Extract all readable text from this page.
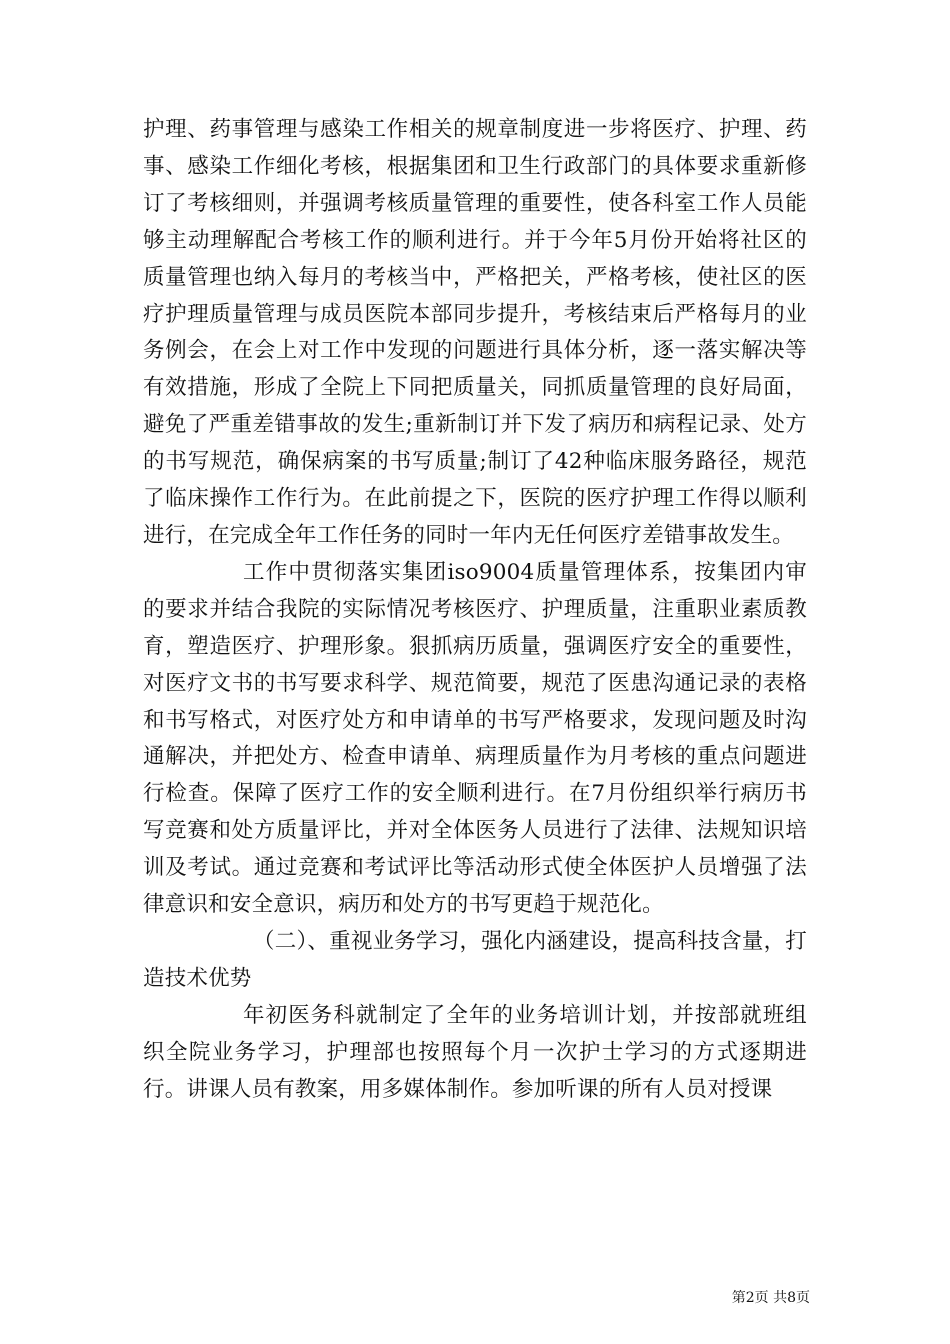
护理、药事管理与感染工作相关的规章制度进一步将医疗、护理、药事、感染工作细化考核，根据集团和卫生行政部门的具体要求重新修订了考核细则，并强调考核质量管理的重要性，使各科室工作人员能够主动理解配合考核工作的顺利进行。并于今年5月份开始将社区的质量管理也纳入每月的考核当中，严格把关，严格考核，使社区的医疗护理质量管理与成员医院本部同步提升，考核结束后严格每月的业务例会，在会上对工作中发现的问题进行具体分析，逐一落实解决等有效措施，形成了全院上下同把质量关，同抓质量管理的良好局面，避免了严重差错事故的发生;重新制订并下发了病历和病程记录、处方的书写规范，确保病案的书写质量;制订了42种临床服务路径，规范了临床操作工作行为。在此前提之下，医院的医疗护理工作得以顺利进行，在完成全年工作任务的同时一年内无任何医疗差错事故发生。

工作中贯彻落实集团iso9004质量管理体系，按集团内审的要求并结合我院的实际情况考核医疗、护理质量，注重职业素质教育，塑造医疗、护理形象。狠抓病历质量，强调医疗安全的重要性，对医疗文书的书写要求科学、规范简要，规范了医患沟通记录的表格和书写格式，对医疗处方和申请单的书写严格要求，发现问题及时沟通解决，并把处方、检查申请单、病理质量作为月考核的重点问题进行检查。保障了医疗工作的安全顺利进行。在7月份组织举行病历书写竞赛和处方质量评比，并对全体医务人员进行了法律、法规知识培训及考试。通过竞赛和考试评比等活动形式使全体医护人员增强了法律意识和安全意识，病历和处方的书写更趋于规范化。

（二）、重视业务学习，强化内涵建设，提高科技含量，打造技术优势

年初医务科就制定了全年的业务培训计划，并按部就班组织全院业务学习，护理部也按照每个月一次护士学习的方式逐期进行。讲课人员有教案，用多媒体制作。参加听课的所有人员对授课

第2页 共8页
